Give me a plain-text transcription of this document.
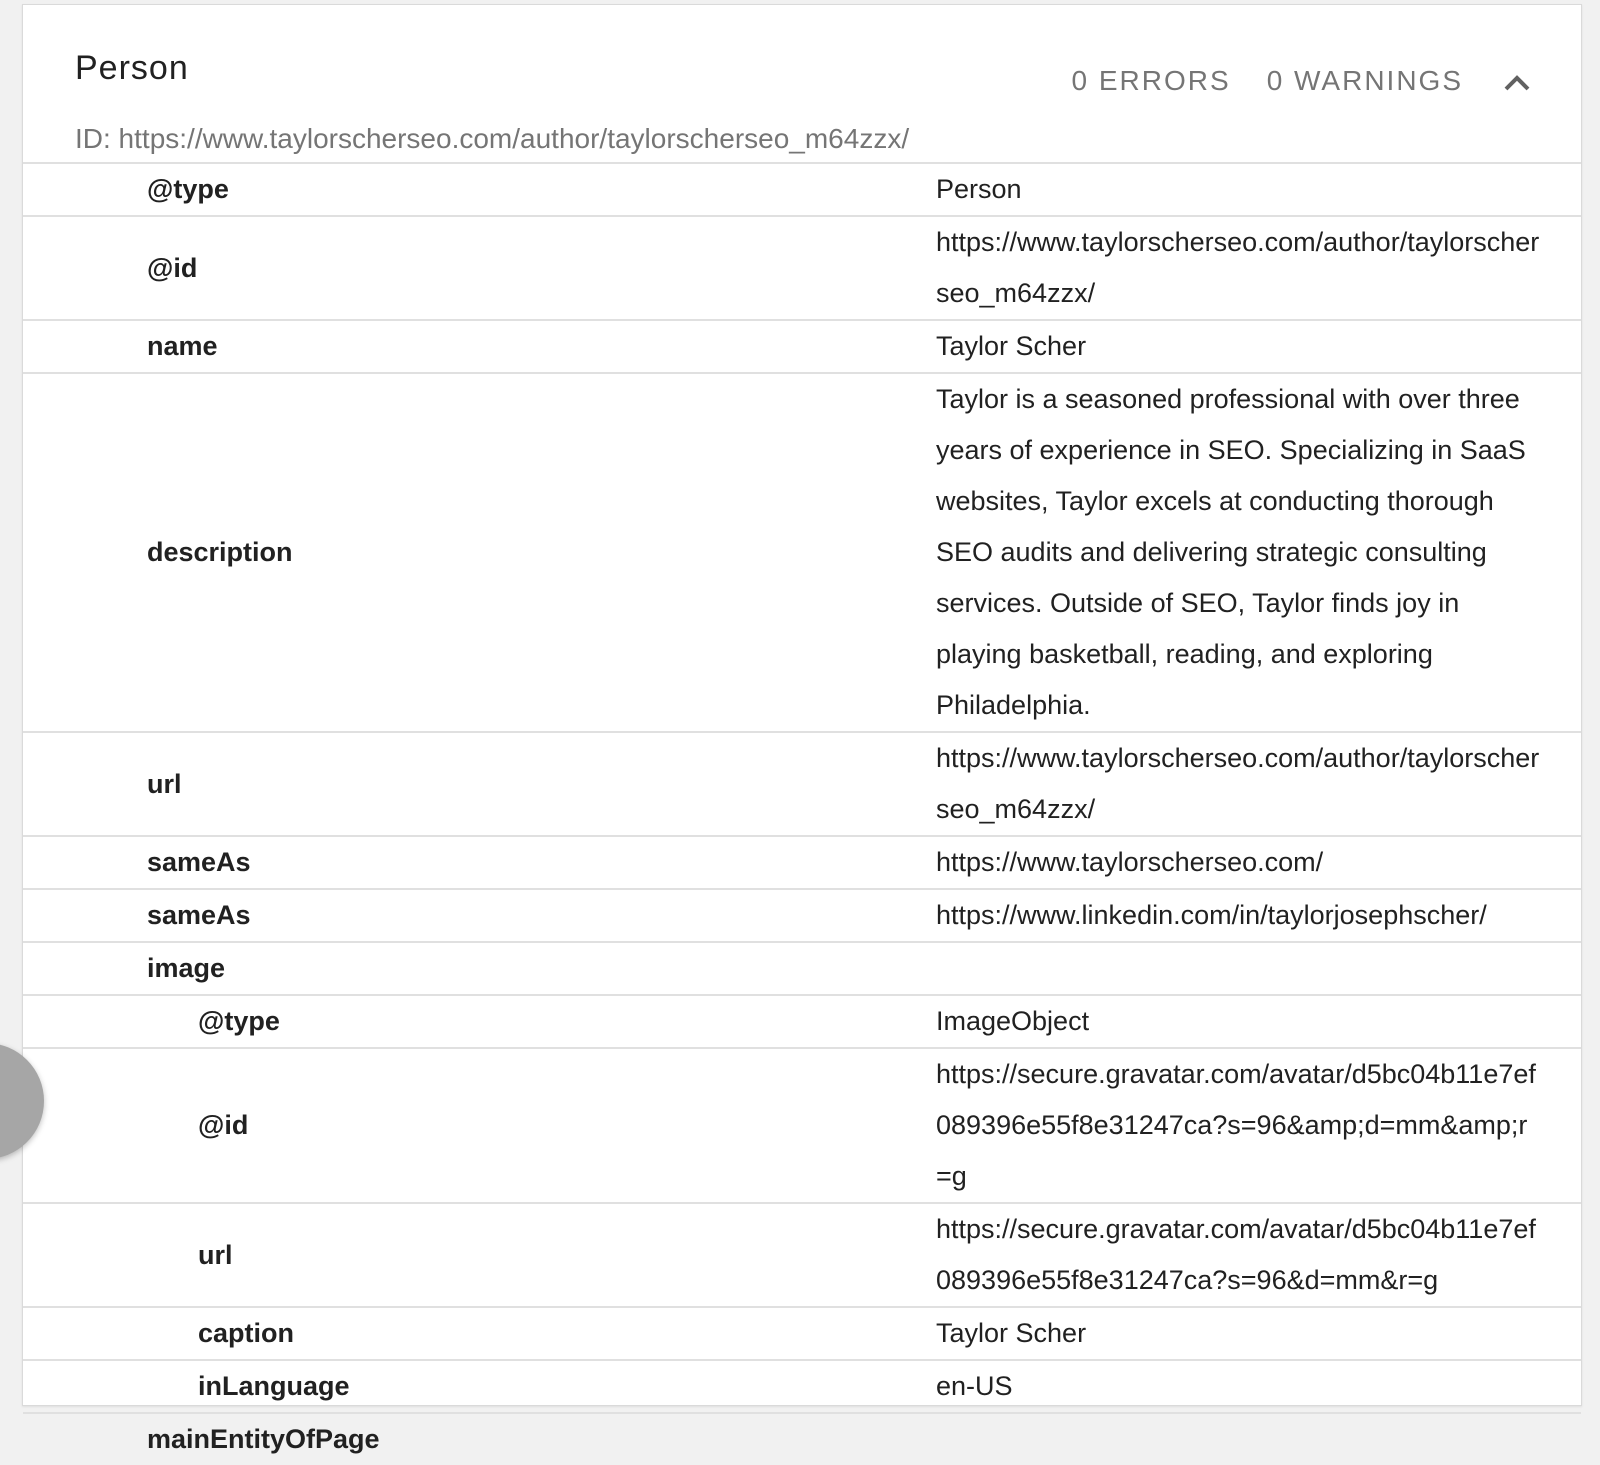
Person	0 ERRORS 0 WARNINGS
ID: https://www.taylorscherseo.com/author/taylorscherseo_m64zzx/
@type	Person
@id	https://www.taylorscherseo.com/author/taylorscherseo_m64zzx/
name	Taylor Scher
description	Taylor is a seasoned professional with over three years of experience in SEO. Specializing in SaaS websites, Taylor excels at conducting thorough SEO audits and delivering strategic consulting services. Outside of SEO, Taylor finds joy in playing basketball, reading, and exploring Philadelphia.
url	https://www.taylorscherseo.com/author/taylorscherseo_m64zzx/
sameAs	https://www.taylorscherseo.com/
sameAs	https://www.linkedin.com/in/taylorjosephscher/
image	
@type	ImageObject
@id	https://secure.gravatar.com/avatar/d5bc04b11e7ef089396e55f8e31247ca?s=96&amp;d=mm&amp;r=g
url	https://secure.gravatar.com/avatar/d5bc04b11e7ef089396e55f8e31247ca?s=96&d=mm&r=g
caption	Taylor Scher
inLanguage	en-US
mainEntityOfPage	
